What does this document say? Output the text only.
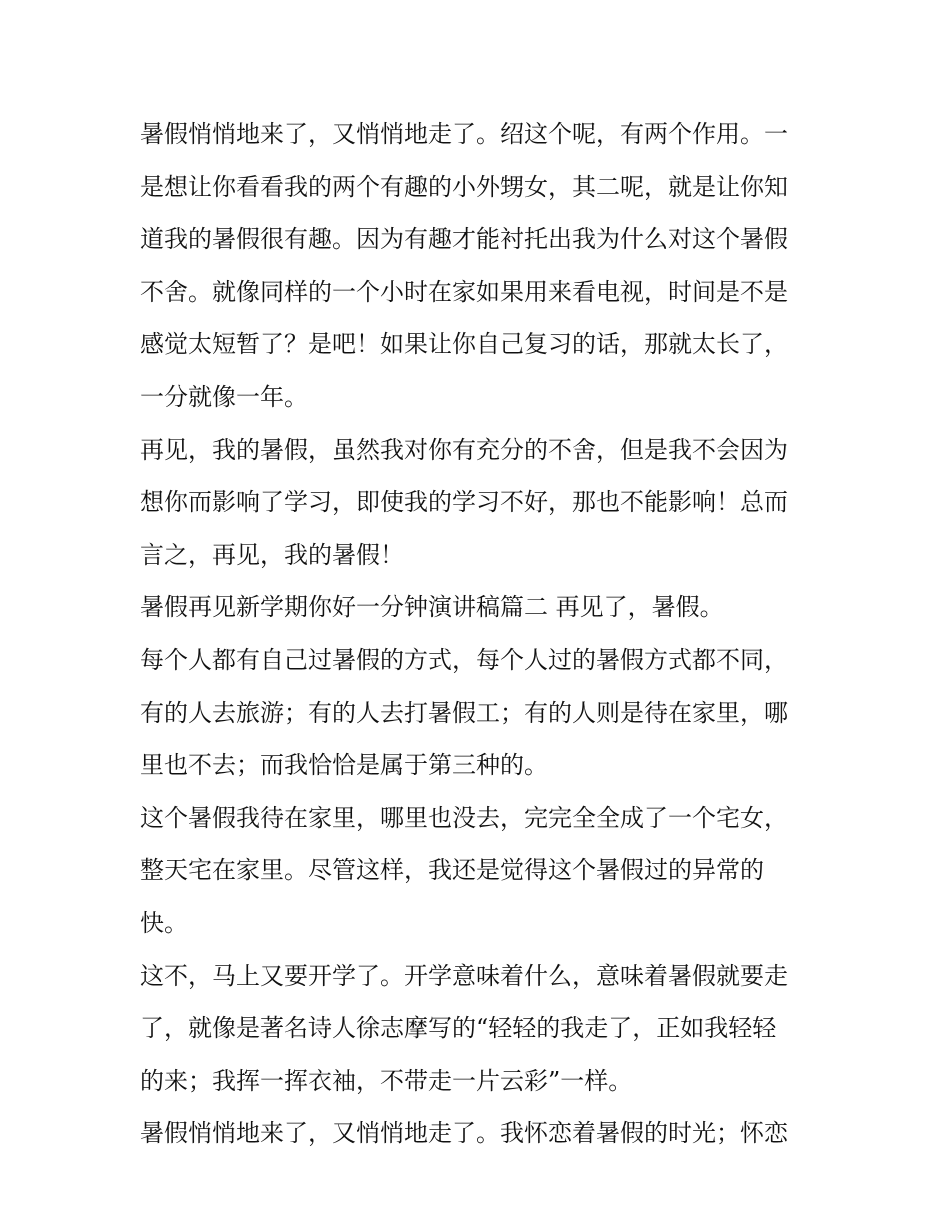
暑假悄悄地来了，又悄悄地走了。绍这个呢，有两个作用。一
是想让你看看我的两个有趣的小外甥女，其二呢，就是让你知
道我的暑假很有趣。因为有趣才能衬托出我为什么对这个暑假
不舍。就像同样的一个小时在家如果用来看电视，时间是不是
感觉太短暂了？是吧！如果让你自己复习的话，那就太长了，
一分就像一年。
再见，我的暑假，虽然我对你有充分的不舍，但是我不会因为
想你而影响了学习，即使我的学习不好，那也不能影响！总而
言之，再见，我的暑假！
暑假再见新学期你好一分钟演讲稿篇二 再见了，暑假。
每个人都有自己过暑假的方式，每个人过的暑假方式都不同，
有的人去旅游；有的人去打暑假工；有的人则是待在家里，哪
里也不去；而我恰恰是属于第三种的。
这个暑假我待在家里，哪里也没去，完完全全成了一个宅女，
整天宅在家里。尽管这样，我还是觉得这个暑假过的异常的
快。
这不，马上又要开学了。开学意味着什么，意味着暑假就要走
了，就像是著名诗人徐志摩写的“轻轻的我走了，正如我轻轻
的来；我挥一挥衣袖，不带走一片云彩”一样。
暑假悄悄地来了，又悄悄地走了。我怀恋着暑假的时光；怀恋
